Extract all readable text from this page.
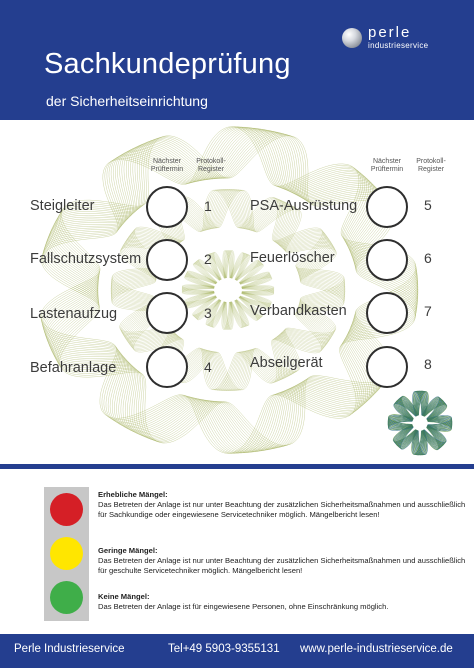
perle
industrieservice
Sachkundeprüfung
der Sicherheitseinrichtung
Nächster
Prüftermin
Protokoll-
Register
Nächster
Prüftermin
Protokoll-
Register
Steigleiter	1
Fallschutzsystem	2
Lastenaufzug	3
Befahranlage	4
PSA-Ausrüstung	5
Feuerlöscher	6
Verbandkasten	7
Abseilgerät	8
Erhebliche Mängel:
Das Betreten der Anlage ist nur unter Beachtung der zusätzlichen Sicherheitsmaßnahmen und ausschließlich für Sachkundige oder eingewiesene Servicetechniker möglich. Mängelbericht lesen!
Geringe Mängel:
Das Betreten der Anlage ist nur unter Beachtung der zusätzlichen Sicherheitsmaßnahmen und ausschließlich für geschulte Servicetechniker möglich. Mängelbericht lesen!
Keine Mängel:
Das Betreten der Anlage ist für eingewiesene Personen, ohne Einschränkung möglich.
Perle Industrieservice	Tel+49 5903-9355131 www.perle-industrieservice.de
